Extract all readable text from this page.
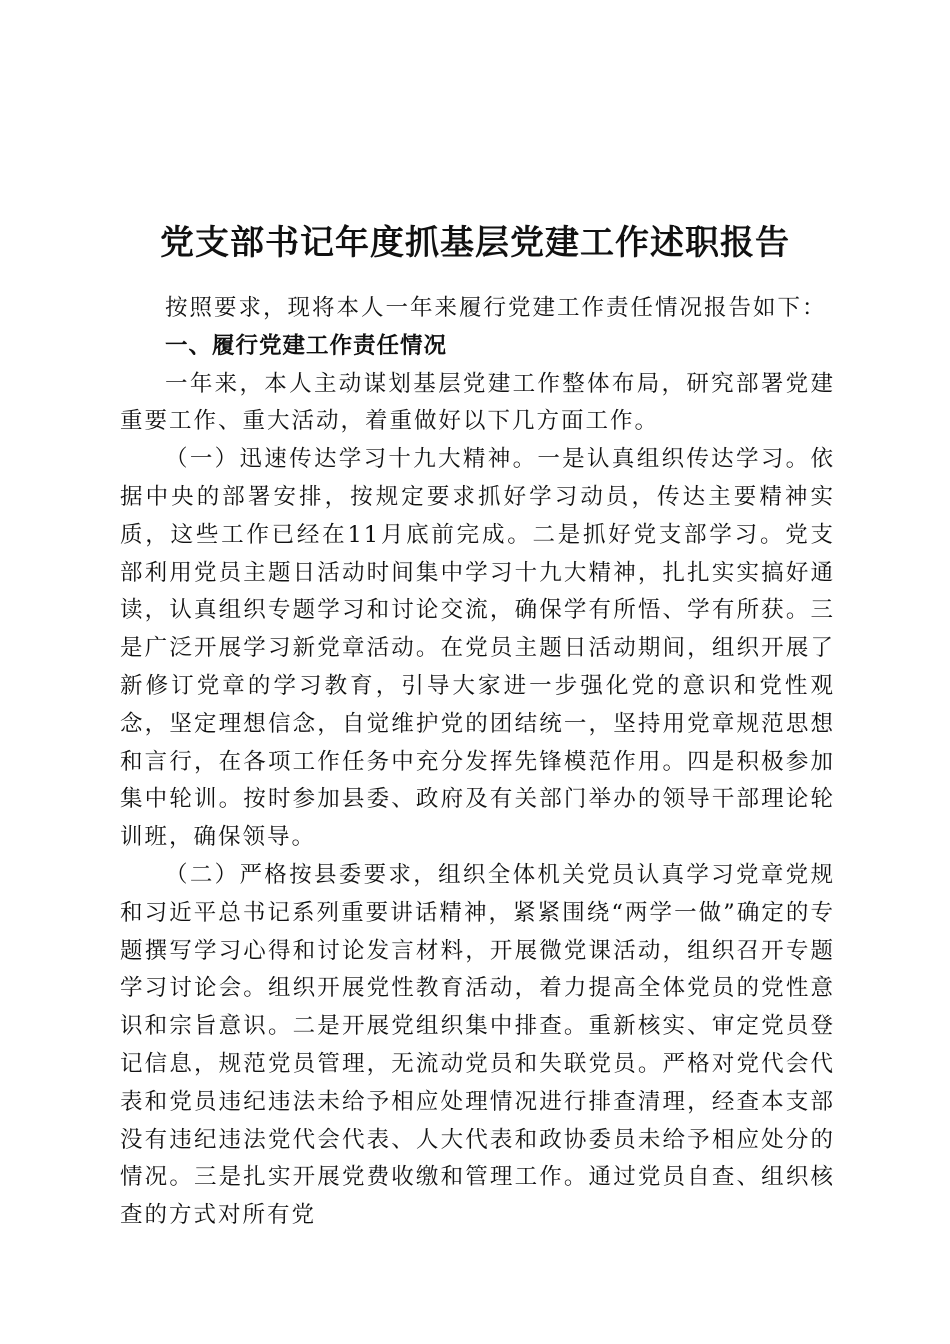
党支部书记年度抓基层党建工作述职报告

按照要求，现将本人一年来履行党建工作责任情况报告如下：

一、履行党建工作责任情况

一年来，本人主动谋划基层党建工作整体布局，研究部署党建重要工作、重大活动，着重做好以下几方面工作。

（一）迅速传达学习十九大精神。一是认真组织传达学习。依据中央的部署安排，按规定要求抓好学习动员，传达主要精神实质，这些工作已经在11月底前完成。二是抓好党支部学习。党支部利用党员主题日活动时间集中学习十九大精神，扎扎实实搞好通读，认真组织专题学习和讨论交流，确保学有所悟、学有所获。三是广泛开展学习新党章活动。在党员主题日活动期间，组织开展了新修订党章的学习教育，引导大家进一步强化党的意识和党性观念，坚定理想信念，自觉维护党的团结统一，坚持用党章规范思想和言行，在各项工作任务中充分发挥先锋模范作用。四是积极参加集中轮训。按时参加县委、政府及有关部门举办的领导干部理论轮训班，确保领导。

（二）严格按县委要求，组织全体机关党员认真学习党章党规和习近平总书记系列重要讲话精神，紧紧围绕“两学一做”确定的专题撰写学习心得和讨论发言材料，开展微党课活动，组织召开专题学习讨论会。组织开展党性教育活动，着力提高全体党员的党性意识和宗旨意识。二是开展党组织集中排查。重新核实、审定党员登记信息，规范党员管理，无流动党员和失联党员。严格对党代会代表和党员违纪违法未给予相应处理情况进行排查清理，经查本支部没有违纪违法党代会代表、人大代表和政协委员未给予相应处分的情况。三是扎实开展党费收缴和管理工作。通过党员自查、组织核查的方式对所有党
